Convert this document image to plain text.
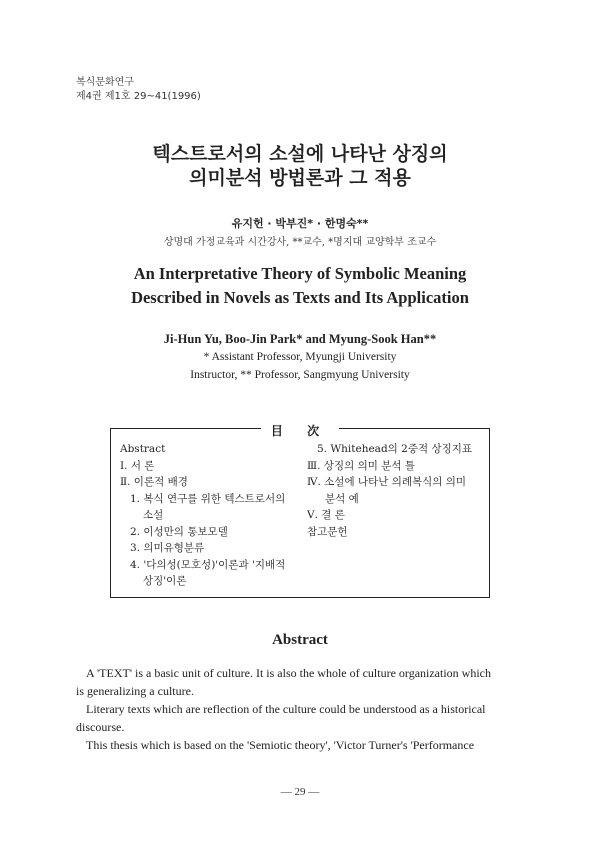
복식문화연구
제4권 제1호 29~41(1996)
텍스트로서의 소설에 나타난 상징의
의미분석 방법론과 그 적용
유지헌 · 박부진* · 한명숙**
상명대 가정교육과 시간강사, **교수, *명지대 교양학부 조교수
An Interpretative Theory of Symbolic Meaning
Described in Novels as Texts and Its Application
Ji-Hun Yu, Boo-Jin Park* and Myung-Sook Han**
* Assistant Professor, Myungji University
Instructor, ** Professor, Sangmyung University
目 次
Abstract
Ⅰ. 서 론
Ⅱ. 이론적 배경
1. 복식 연구를 위한 텍스트로서의
소설
2. 이성만의 통보모델
3. 의미유형분류
4. '다의성(모호성)'이론과 '지배적
상징'이론
5. Whitehead의 2중적 상징지표
Ⅲ. 상징의 의미 분석 틀
Ⅳ. 소설에 나타난 의례복식의 의미
분석 예
Ⅴ. 결 론
참고문헌
Abstract

A 'TEXT' is a basic unit of culture. It is also the whole of culture organization which

is generalizing a culture.

Literary texts which are reflection of the culture could be understood as a historical

discourse.

This thesis which is based on the 'Semiotic theory', 'Victor Turner's 'Performance

— 29 —
